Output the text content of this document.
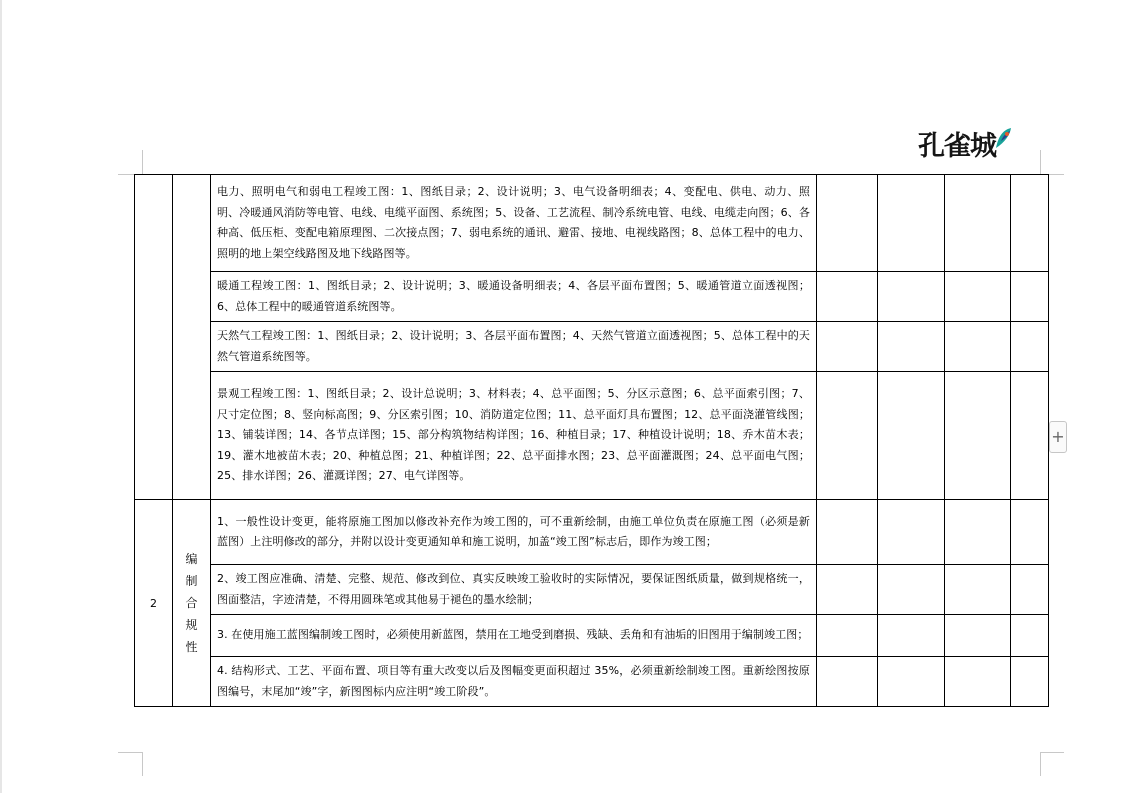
孔雀城
+
		电力、照明电气和弱电工程竣工图：1、图纸目录；2、设计说明；3、电气设备明细表；4、变配电、供电、动力、照明、冷暖通风消防等电管、电线、电缆平面图、系统图；5、设备、工艺流程、制冷系统电管、电线、电缆走向图；6、各种高、低压柜、变配电箱原理图、二次接点图；7、弱电系统的通讯、避雷、接地、电视线路图；8、总体工程中的电力、照明的地上架空线路图及地下线路图等。				
		暖通工程竣工图：1、图纸目录；2、设计说明；3、暖通设备明细表；4、各层平面布置图；5、暖通管道立面透视图；6、总体工程中的暖通管道系统图等。				
		天然气工程竣工图：1、图纸目录；2、设计说明；3、各层平面布置图；4、天然气管道立面透视图；5、总体工程中的天然气管道系统图等。				
		景观工程竣工图：1、图纸目录；2、设计总说明；3、材料表；4、总平面图；5、分区示意图；6、总平面索引图；7、尺寸定位图；8、竖向标高图；9、分区索引图；10、消防道定位图；11、总平面灯具布置图；12、总平面浇灌管线图；13、铺装详图；14、各节点详图；15、部分构筑物结构详图；16、种植目录；17、种植设计说明；18、乔木苗木表；19、灌木地被苗木表；20、种植总图；21、种植详图；22、总平面排水图；23、总平面灌溉图；24、总平面电气图；25、排水详图；26、灌溉详图；27、电气详图等。				
2	编制合规性	1、一般性设计变更，能将原施工图加以修改补充作为竣工图的，可不重新绘制，由施工单位负责在原施工图（必须是新蓝图）上注明修改的部分，并附以设计变更通知单和施工说明，加盖“竣工图”标志后，即作为竣工图；				
		2、竣工图应准确、清楚、完整、规范、修改到位、真实反映竣工验收时的实际情况，要保证图纸质量，做到规格统一，图面整洁，字迹清楚，不得用圆珠笔或其他易于褪色的墨水绘制；				
		3. 在使用施工蓝图编制竣工图时，必须使用新蓝图，禁用在工地受到磨损、残缺、丢角和有油垢的旧图用于编制竣工图；				
		4. 结构形式、工艺、平面布置、项目等有重大改变以后及图幅变更面积超过 35%，必须重新绘制竣工图。重新绘图按原图编号，末尾加“竣”字，新图图标内应注明“竣工阶段”。				
